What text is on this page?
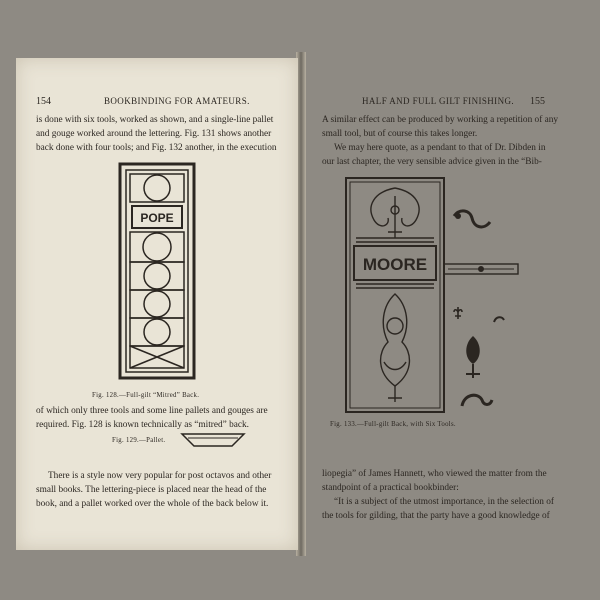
154	BOOKBINDING FOR AMATEURS.
is done with six tools, worked as shown, and a single-line pallet
and gouge worked around the lettering. Fig. 131 shows another
back done with four tools; and Fig. 132 another, in the execution
POPE
Fig. 128.—Full-gilt “Mitred” Back.
of which only three tools and some line pallets and gouges are
required. Fig. 128 is known technically as “mitred” back.
Fig. 129.—Pallet.
There is a style now very popular for post octavos and other
small books. The lettering-piece is placed near the head of the
book, and a pallet worked over the whole of the back below it.
HALF AND FULL GILT FINISHING. 155
A similar effect can be produced by working a repetition of any
small tool, but of course this takes longer.
We may here quote, as a pendant to that of Dr. Dibden in
our last chapter, the very sensible advice given in the “Bib-
MOORE
Fig. 133.—Full-gilt Back, with Six Tools.
liopegia” of James Hannett, who viewed the matter from the
standpoint of a practical bookbinder:
“It is a subject of the utmost importance, in the selection of
the tools for gilding, that the party have a good knowledge of
